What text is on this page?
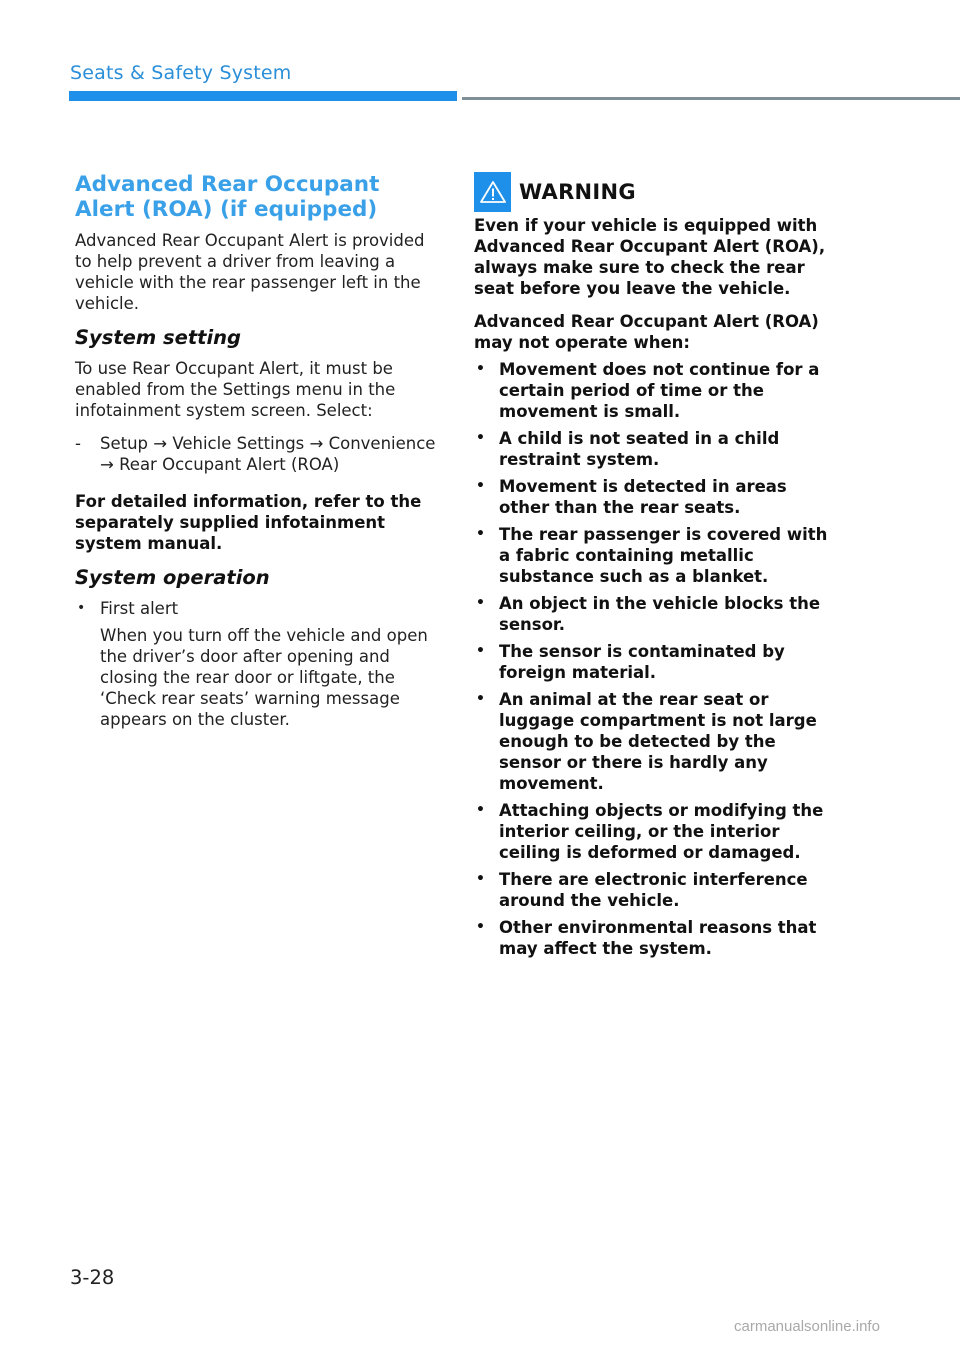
Seats & Safety System
Advanced Rear Occupant Alert (ROA) (if equipped)
Advanced Rear Occupant Alert is provided to help prevent a driver from leaving a vehicle with the rear passenger left in the vehicle.
System setting
To use Rear Occupant Alert, it must be enabled from the Settings menu in the infotainment system screen. Select:
- Setup → Vehicle Settings → Convenience → Rear Occupant Alert (ROA)
For detailed information, refer to the separately supplied infotainment system manual.
System operation
• First alert
When you turn off the vehicle and open the driver’s door after opening and closing the rear door or liftgate, the ‘Check rear seats’ warning message appears on the cluster.
WARNING
Even if your vehicle is equipped with Advanced Rear Occupant Alert (ROA), always make sure to check the rear seat before you leave the vehicle.
Advanced Rear Occupant Alert (ROA) may not operate when:
• Movement does not continue for a certain period of time or the movement is small.
• A child is not seated in a child restraint system.
• Movement is detected in areas other than the rear seats.
• The rear passenger is covered with a fabric containing metallic substance such as a blanket.
• An object in the vehicle blocks the sensor.
• The sensor is contaminated by foreign material.
• An animal at the rear seat or luggage compartment is not large enough to be detected by the sensor or there is hardly any movement.
• Attaching objects or modifying the interior ceiling, or the interior ceiling is deformed or damaged.
• There are electronic interference around the vehicle.
• Other environmental reasons that may affect the system.
3-28
carmanualsonline.info
